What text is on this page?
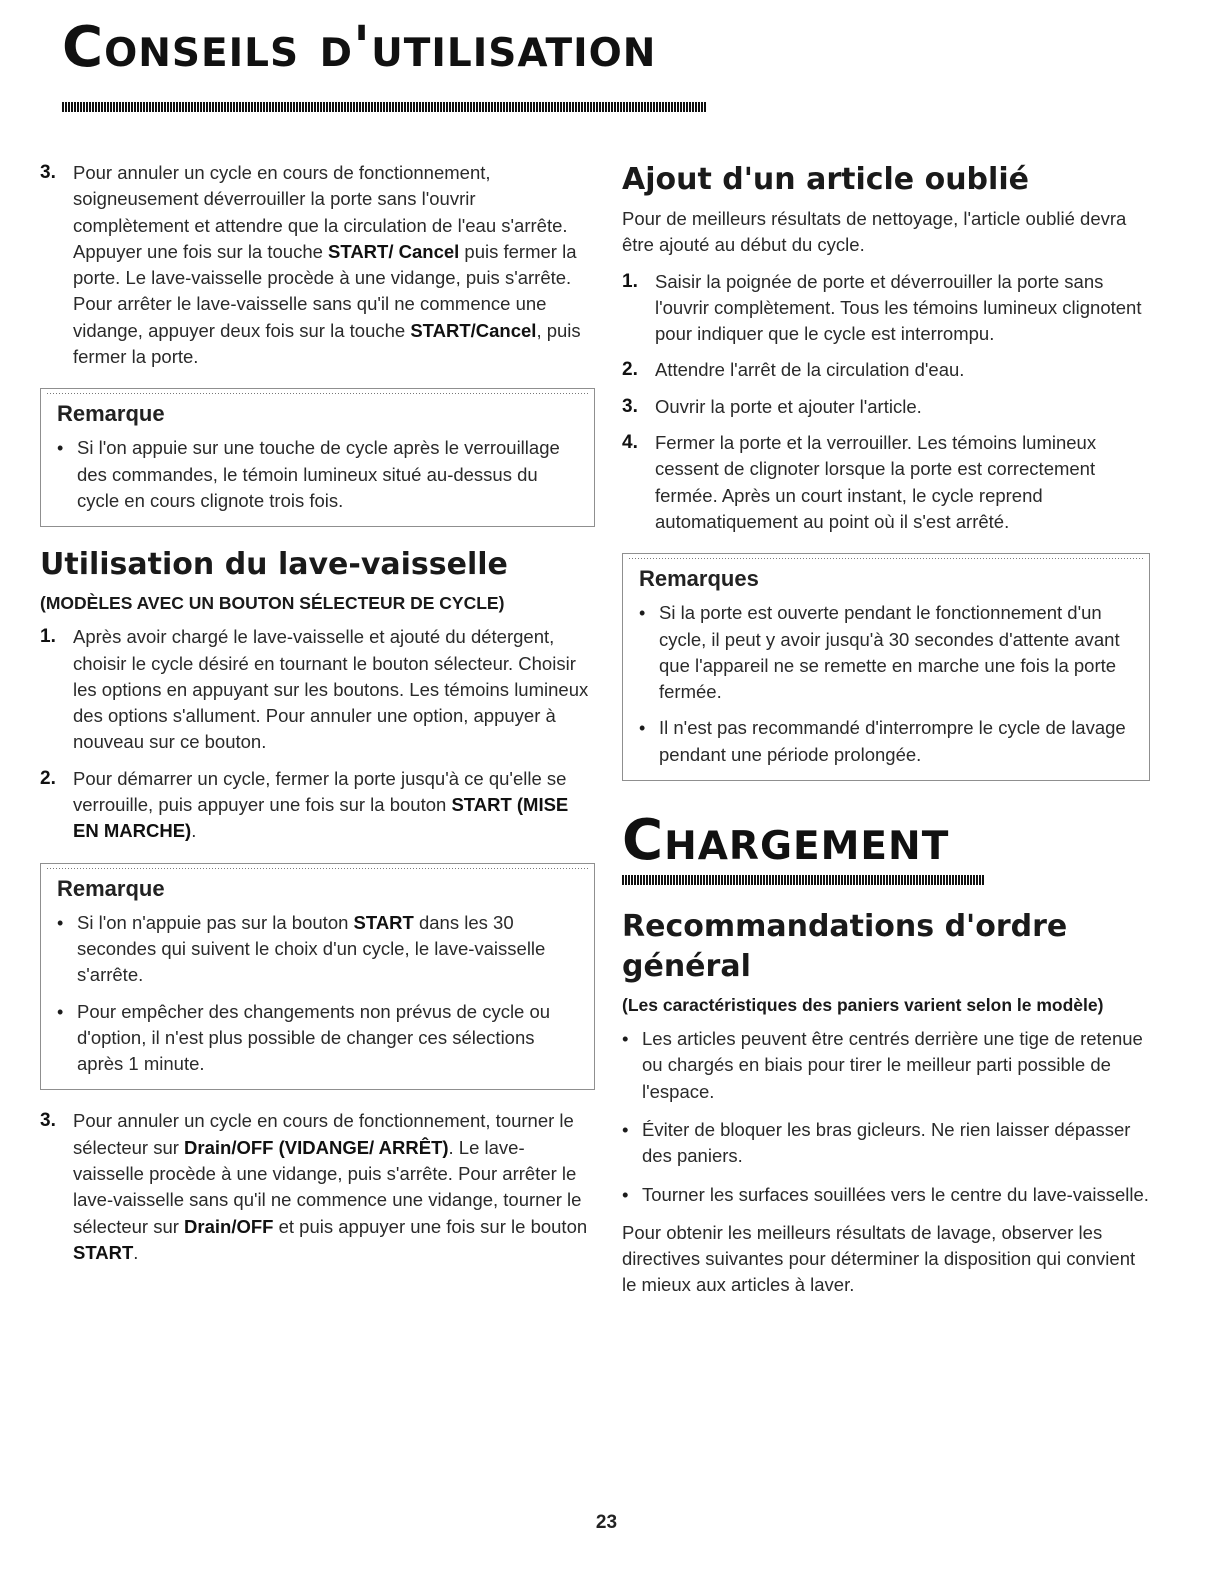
Conseils d'utilisation
3. Pour annuler un cycle en cours de fonctionnement, soigneusement déverrouiller la porte sans l'ouvrir complètement et attendre que la circulation de l'eau s'arrête. Appuyer une fois sur la touche START/ Cancel puis fermer la porte. Le lave-vaisselle procède à une vidange, puis s'arrête. Pour arrêter le lave-vaisselle sans qu'il ne commence une vidange, appuyer deux fois sur la touche START/Cancel, puis fermer la porte.
Remarque
• Si l'on appuie sur une touche de cycle après le verrouillage des commandes, le témoin lumineux situé au-dessus du cycle en cours clignote trois fois.
Utilisation du lave-vaisselle
(MODÈLES AVEC UN BOUTON SÉLECTEUR DE CYCLE)
1. Après avoir chargé le lave-vaisselle et ajouté du détergent, choisir le cycle désiré en tournant le bouton sélecteur. Choisir les options en appuyant sur les boutons. Les témoins lumineux des options s'allument. Pour annuler une option, appuyer à nouveau sur ce bouton.
2. Pour démarrer un cycle, fermer la porte jusqu'à ce qu'elle se verrouille, puis appuyer une fois sur la bouton START (MISE EN MARCHE).
Remarque
• Si l'on n'appuie pas sur la bouton START dans les 30 secondes qui suivent le choix d'un cycle, le lave-vaisselle s'arrête.
• Pour empêcher des changements non prévus de cycle ou d'option, il n'est plus possible de changer ces sélections après 1 minute.
3. Pour annuler un cycle en cours de fonctionnement, tourner le sélecteur sur Drain/OFF (VIDANGE/ ARRÊT). Le lave-vaisselle procède à une vidange, puis s'arrête. Pour arrêter le lave-vaisselle sans qu'il ne commence une vidange, tourner le sélecteur sur Drain/OFF et puis appuyer une fois sur le bouton START.
Ajout d'un article oublié
Pour de meilleurs résultats de nettoyage, l'article oublié devra être ajouté au début du cycle.
1. Saisir la poignée de porte et déverrouiller la porte sans l'ouvrir complètement. Tous les témoins lumineux clignotent pour indiquer que le cycle est interrompu.
2. Attendre l'arrêt de la circulation d'eau.
3. Ouvrir la porte et ajouter l'article.
4. Fermer la porte et la verrouiller. Les témoins lumineux cessent de clignoter lorsque la porte est correctement fermée. Après un court instant, le cycle reprend automatiquement au point où il s'est arrêté.
Remarques
• Si la porte est ouverte pendant le fonctionnement d'un cycle, il peut y avoir jusqu'à 30 secondes d'attente avant que l'appareil ne se remette en marche une fois la porte fermée.
• Il n'est pas recommandé d'interrompre le cycle de lavage pendant une période prolongée.
Chargement
Recommandations d'ordre général
(Les caractéristiques des paniers varient selon le modèle)
• Les articles peuvent être centrés derrière une tige de retenue ou chargés en biais pour tirer le meilleur parti possible de l'espace.
• Éviter de bloquer les bras gicleurs. Ne rien laisser dépasser des paniers.
• Tourner les surfaces souillées vers le centre du lave-vaisselle.
Pour obtenir les meilleurs résultats de lavage, observer les directives suivantes pour déterminer la disposition qui convient le mieux aux articles à laver.
23
